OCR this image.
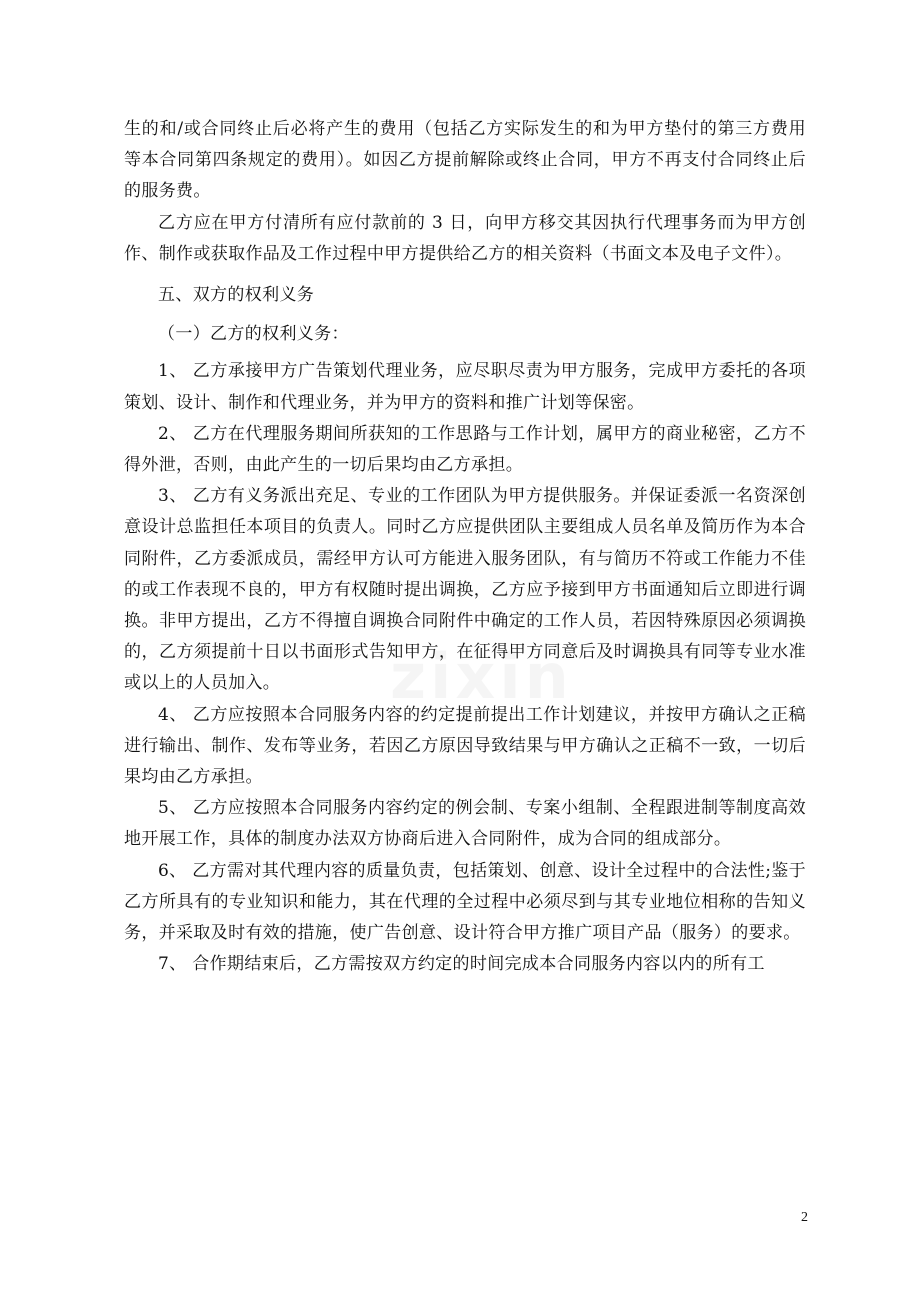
生的和/或合同终止后必将产生的费用（包括乙方实际发生的和为甲方垫付的第三方费用等本合同第四条规定的费用）。如因乙方提前解除或终止合同，甲方不再支付合同终止后的服务费。

乙方应在甲方付清所有应付款前的 3 日，向甲方移交其因执行代理事务而为甲方创作、制作或获取作品及工作过程中甲方提供给乙方的相关资料（书面文本及电子文件）。

五、双方的权利义务

（一）乙方的权利义务：

1、 乙方承接甲方广告策划代理业务，应尽职尽责为甲方服务，完成甲方委托的各项策划、设计、制作和代理业务，并为甲方的资料和推广计划等保密。

2、 乙方在代理服务期间所获知的工作思路与工作计划，属甲方的商业秘密，乙方不得外泄，否则，由此产生的一切后果均由乙方承担。

3、 乙方有义务派出充足、专业的工作团队为甲方提供服务。并保证委派一名资深创意设计总监担任本项目的负责人。同时乙方应提供团队主要组成人员名单及简历作为本合同附件，乙方委派成员，需经甲方认可方能进入服务团队，有与简历不符或工作能力不佳的或工作表现不良的，甲方有权随时提出调换，乙方应予接到甲方书面通知后立即进行调换。非甲方提出，乙方不得擅自调换合同附件中确定的工作人员，若因特殊原因必须调换的，乙方须提前十日以书面形式告知甲方，在征得甲方同意后及时调换具有同等专业水准或以上的人员加入。

4、 乙方应按照本合同服务内容的约定提前提出工作计划建议，并按甲方确认之正稿进行输出、制作、发布等业务，若因乙方原因导致结果与甲方确认之正稿不一致，一切后果均由乙方承担。

5、 乙方应按照本合同服务内容约定的例会制、专案小组制、全程跟进制等制度高效地开展工作，具体的制度办法双方协商后进入合同附件，成为合同的组成部分。

6、 乙方需对其代理内容的质量负责，包括策划、创意、设计全过程中的合法性;鉴于乙方所具有的专业知识和能力，其在代理的全过程中必须尽到与其专业地位相称的告知义务，并采取及时有效的措施，使广告创意、设计符合甲方推广项目产品（服务）的要求。

7、 合作期结束后，乙方需按双方约定的时间完成本合同服务内容以内的所有工

2
